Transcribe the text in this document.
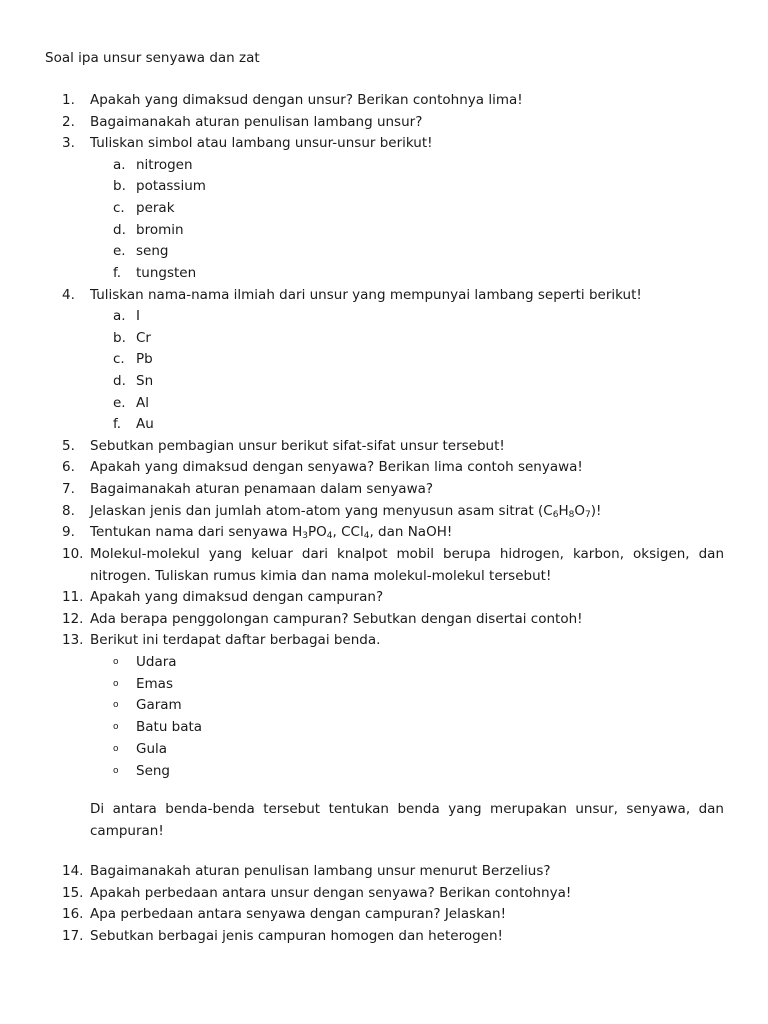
Soal ipa unsur senyawa dan zat
1.	Apakah yang dimaksud dengan unsur? Berikan contohnya lima!
2.	Bagaimanakah aturan penulisan lambang unsur?
3.	Tuliskan simbol atau lambang unsur-unsur berikut!
a. nitrogen
b. potassium
c. perak
d. bromin
e. seng
f. tungsten
4.	Tuliskan nama-nama ilmiah dari unsur yang mempunyai lambang seperti berikut!
a. I
b. Cr
c. Pb
d. Sn
e. Al
f. Au
5.	Sebutkan pembagian unsur berikut sifat-sifat unsur tersebut!
6.	Apakah yang dimaksud dengan senyawa? Berikan lima contoh senyawa!
7.	Bagaimanakah aturan penamaan dalam senyawa?
8.	Jelaskan jenis dan jumlah atom-atom yang menyusun asam sitrat $(C_6H_8O_7)$!
9.	Tentukan nama dari senyawa $H_3PO_4$, CCl$_4$, dan NaOH!
10. Molekul-molekul yang keluar dari knalpot mobil berupa hidrogen, karbon, oksigen, dan
nitrogen. Tuliskan rumus kimia dan nama molekul-molekul tersebut!
11. Apakah yang dimaksud dengan campuran?
12. Ada berapa penggolongan campuran? Sebutkan dengan disertai contoh!
13. Berikut ini terdapat daftar berbagai benda.
o Udara
o Emas
o Garam
o Batu bata
o Gula
o Seng
Di antara benda-benda tersebut tentukan benda yang merupakan unsur, senyawa, dan
campuran!
14. Bagaimanakah aturan penulisan lambang unsur menurut Berzelius?
15. Apakah perbedaan antara unsur dengan senyawa? Berikan contohnya!
16. Apa perbedaan antara senyawa dengan campuran? Jelaskan!
17. Sebutkan berbagai jenis campuran homogen dan heterogen!
